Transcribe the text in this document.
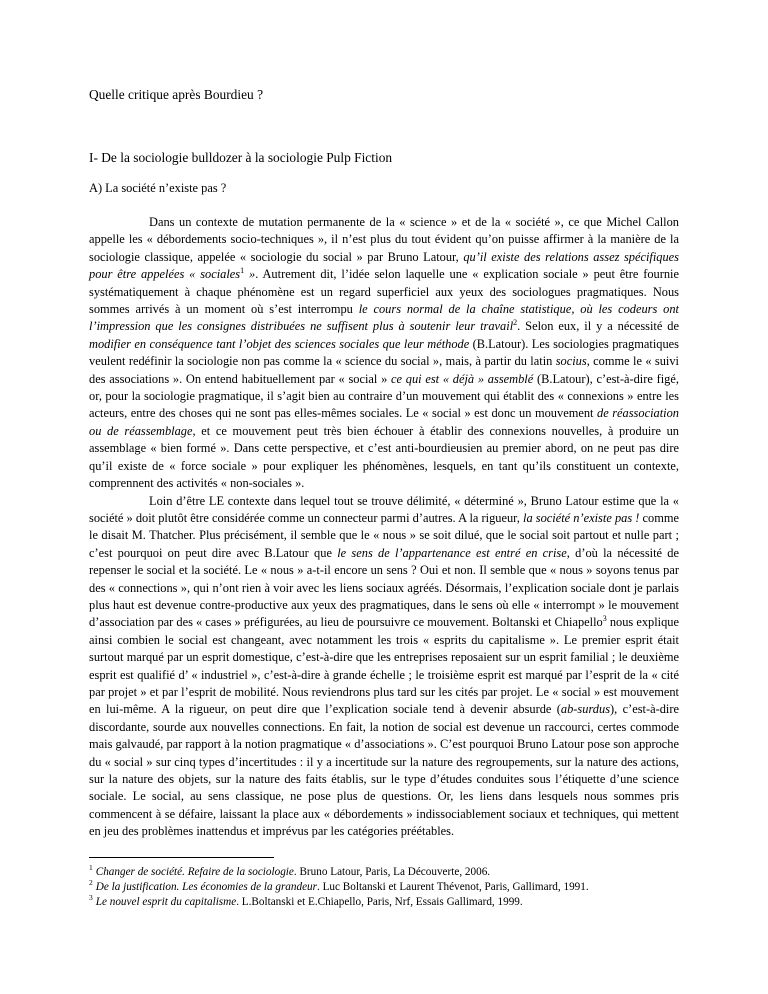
Quelle critique après Bourdieu ?
I- De la sociologie bulldozer à la sociologie Pulp Fiction
A) La société n’existe pas ?

Dans un contexte de mutation permanente de la « science » et de la « société », ce que Michel Callon appelle les « débordements socio-techniques », il n’est plus du tout évident qu’on puisse affirmer à la manière de la sociologie classique, appelée « sociologie du social » par Bruno Latour, qu’il existe des relations assez spécifiques pour être appelées « sociales$^1$ ». Autrement dit, l’idée selon laquelle une « explication sociale » peut être fournie systématiquement à chaque phénomène est un regard superficiel aux yeux des sociologues pragmatiques. Nous sommes arrivés à un moment où s’est interrompu le cours normal de la chaîne statistique, où les codeurs ont l’impression que les consignes distribuées ne suffisent plus à soutenir leur travail$^2$. Selon eux, il y a nécessité de modifier en conséquence tant l’objet des sciences sociales que leur méthode (B.Latour). Les sociologies pragmatiques veulent redéfinir la sociologie non pas comme la « science du social », mais, à partir du latin socius, comme le « suivi des associations ». On entend habituellement par « social » ce qui est « déjà » assemblé (B.Latour), c’est-à-dire figé, or, pour la sociologie pragmatique, il s’agit bien au contraire d’un mouvement qui établit des « connexions » entre les acteurs, entre des choses qui ne sont pas elles-mêmes sociales. Le « social » est donc un mouvement de réassociation ou de réassemblage, et ce mouvement peut très bien échouer à établir des connexions nouvelles, à produire un assemblage « bien formé ». Dans cette perspective, et c’est anti-bourdieusien au premier abord, on ne peut pas dire qu’il existe de « force sociale » pour expliquer les phénomènes, lesquels, en tant qu’ils constituent un contexte, comprennent des activités « non-sociales ».

Loin d’être LE contexte dans lequel tout se trouve délimité, « déterminé », Bruno Latour estime que la « société » doit plutôt être considérée comme un connecteur parmi d’autres. A la rigueur, la société n’existe pas ! comme le disait M. Thatcher. Plus précisément, il semble que le « nous » se soit dilué, que le social soit partout et nulle part ; c’est pourquoi on peut dire avec B.Latour que le sens de l’appartenance est entré en crise, d’où la nécessité de repenser le social et la société. Le « nous » a-t-il encore un sens ? Oui et non. Il semble que « nous » soyons tenus par des « connections », qui n’ont rien à voir avec les liens sociaux agréés. Désormais, l’explication sociale dont je parlais plus haut est devenue contre-productive aux yeux des pragmatiques, dans le sens où elle « interrompt » le mouvement d’association par des « cases » préfigurées, au lieu de poursuivre ce mouvement. Boltanski et Chiapello$^3$ nous explique ainsi combien le social est changeant, avec notamment les trois « esprits du capitalisme ». Le premier esprit était surtout marqué par un esprit domestique, c’est-à-dire que les entreprises reposaient sur un esprit familial ; le deuxième esprit est qualifié d’ « industriel », c’est-à-dire à grande échelle ; le troisième esprit est marqué par l’esprit de la « cité par projet » et par l’esprit de mobilité. Nous reviendrons plus tard sur les cités par projet. Le « social » est mouvement en lui-même. A la rigueur, on peut dire que l’explication sociale tend à devenir absurde (ab-surdus), c’est-à-dire discordante, sourde aux nouvelles connections. En fait, la notion de social est devenue un raccourci, certes commode mais galvaudé, par rapport à la notion pragmatique « d’associations ». C’est pourquoi Bruno Latour pose son approche du « social » sur cinq types d’incertitudes : il y a incertitude sur la nature des regroupements, sur la nature des actions, sur la nature des objets, sur la nature des faits établis, sur le type d’études conduites sous l’étiquette d’une science sociale. Le social, au sens classique, ne pose plus de questions. Or, les liens dans lesquels nous sommes pris commencent à se défaire, laissant la place aux « débordements » indissociablement sociaux et techniques, qui mettent en jeu des problèmes inattendus et imprévus par les catégories préétables.

$^1$ Changer de société. Refaire de la sociologie. Bruno Latour, Paris, La Découverte, 2006.
$^2$ De la justification. Les économies de la grandeur. Luc Boltanski et Laurent Thévenot, Paris, Gallimard, 1991.
$^3$ Le nouvel esprit du capitalisme. L.Boltanski et E.Chiapello, Paris, Nrf, Essais Gallimard, 1999.
